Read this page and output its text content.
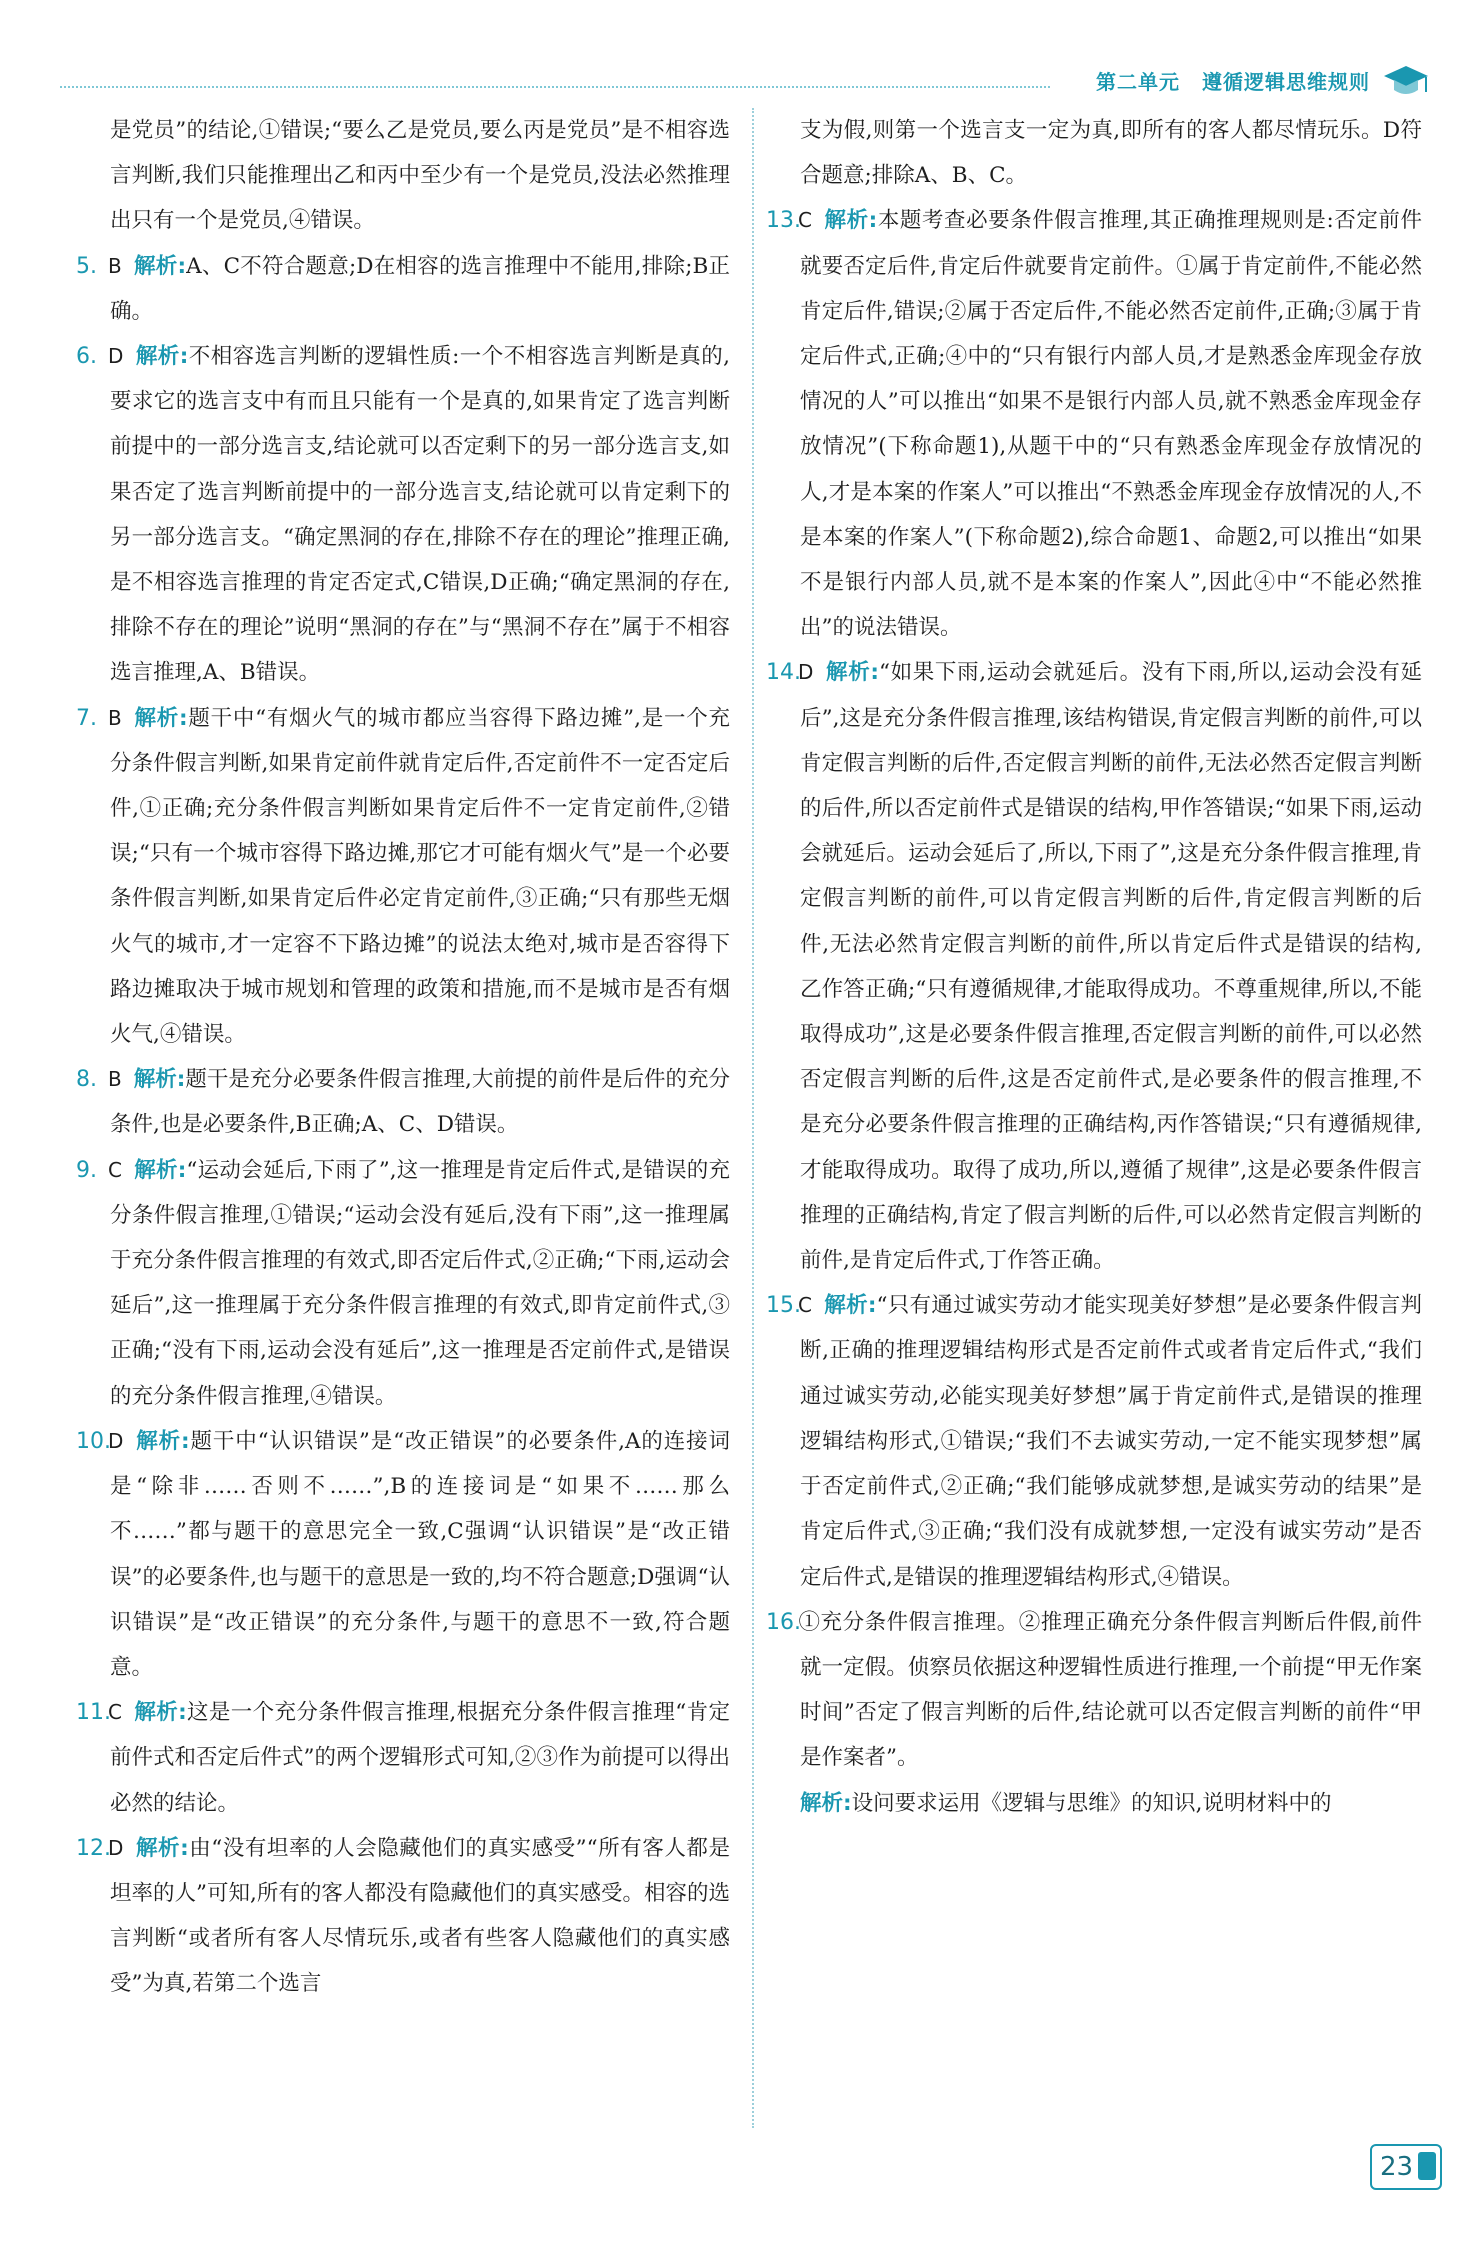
第二单元 遵循逻辑思维规则

是党员”的结论,①错误;“要么乙是党员,要么丙是党员”是不相容选言判断,我们只能推理出乙和丙中至少有一个是党员,没法必然推理出只有一个是党员,④错误。

5. B 解析:A、C不符合题意;D在相容的选言推理中不能用,排除;B正确。

6. D 解析:不相容选言判断的逻辑性质:一个不相容选言判断是真的,要求它的选言支中有而且只能有一个是真的,如果肯定了选言判断前提中的一部分选言支,结论就可以否定剩下的另一部分选言支,如果否定了选言判断前提中的一部分选言支,结论就可以肯定剩下的另一部分选言支。“确定黑洞的存在,排除不存在的理论”推理正确,是不相容选言推理的肯定否定式,C错误,D正确;“确定黑洞的存在,排除不存在的理论”说明“黑洞的存在”与“黑洞不存在”属于不相容选言推理,A、B错误。

7. B 解析:题干中“有烟火气的城市都应当容得下路边摊”,是一个充分条件假言判断,如果肯定前件就肯定后件,否定前件不一定否定后件,①正确;充分条件假言判断如果肯定后件不一定肯定前件,②错误;“只有一个城市容得下路边摊,那它才可能有烟火气”是一个必要条件假言判断,如果肯定后件必定肯定前件,③正确;“只有那些无烟火气的城市,才一定容不下路边摊”的说法太绝对,城市是否容得下路边摊取决于城市规划和管理的政策和措施,而不是城市是否有烟火气,④错误。

8. B 解析:题干是充分必要条件假言推理,大前提的前件是后件的充分条件,也是必要条件,B正确;A、C、D错误。

9. C 解析:“运动会延后,下雨了”,这一推理是肯定后件式,是错误的充分条件假言推理,①错误;“运动会没有延后,没有下雨”,这一推理属于充分条件假言推理的有效式,即否定后件式,②正确;“下雨,运动会延后”,这一推理属于充分条件假言推理的有效式,即肯定前件式,③正确;“没有下雨,运动会没有延后”,这一推理是否定前件式,是错误的充分条件假言推理,④错误。

10.D 解析:题干中“认识错误”是“改正错误”的必要条件,A的连接词是“除非……否则不……”,B的连接词是“如果不……那么不……”都与题干的意思完全一致,C强调“认识错误”是“改正错误”的必要条件,也与题干的意思是一致的,均不符合题意;D强调“认识错误”是“改正错误”的充分条件,与题干的意思不一致,符合题意。

11.C 解析:这是一个充分条件假言推理,根据充分条件假言推理“肯定前件式和否定后件式”的两个逻辑形式可知,②③作为前提可以得出必然的结论。

12.D 解析:由“没有坦率的人会隐藏他们的真实感受”“所有客人都是坦率的人”可知,所有的客人都没有隐藏他们的真实感受。相容的选言判断“或者所有客人尽情玩乐,或者有些客人隐藏他们的真实感受”为真,若第二个选言

支为假,则第一个选言支一定为真,即所有的客人都尽情玩乐。D符合题意;排除A、B、C。

13.C 解析:本题考查必要条件假言推理,其正确推理规则是:否定前件就要否定后件,肯定后件就要肯定前件。①属于肯定前件,不能必然肯定后件,错误;②属于否定后件,不能必然否定前件,正确;③属于肯定后件式,正确;④中的“只有银行内部人员,才是熟悉金库现金存放情况的人”可以推出“如果不是银行内部人员,就不熟悉金库现金存放情况”(下称命题1),从题干中的“只有熟悉金库现金存放情况的人,才是本案的作案人”可以推出“不熟悉金库现金存放情况的人,不是本案的作案人”(下称命题2),综合命题1、命题2,可以推出“如果不是银行内部人员,就不是本案的作案人”,因此④中“不能必然推出”的说法错误。

14.D 解析:“如果下雨,运动会就延后。没有下雨,所以,运动会没有延后”,这是充分条件假言推理,该结构错误,肯定假言判断的前件,可以肯定假言判断的后件,否定假言判断的前件,无法必然否定假言判断的后件,所以否定前件式是错误的结构,甲作答错误;“如果下雨,运动会就延后。运动会延后了,所以,下雨了”,这是充分条件假言推理,肯定假言判断的前件,可以肯定假言判断的后件,肯定假言判断的后件,无法必然肯定假言判断的前件,所以肯定后件式是错误的结构,乙作答正确;“只有遵循规律,才能取得成功。不尊重规律,所以,不能取得成功”,这是必要条件假言推理,否定假言判断的前件,可以必然否定假言判断的后件,这是否定前件式,是必要条件的假言推理,不是充分必要条件假言推理的正确结构,丙作答错误;“只有遵循规律,才能取得成功。取得了成功,所以,遵循了规律”,这是必要条件假言推理的正确结构,肯定了假言判断的后件,可以必然肯定假言判断的前件,是肯定后件式,丁作答正确。

15.C 解析:“只有通过诚实劳动才能实现美好梦想”是必要条件假言判断,正确的推理逻辑结构形式是否定前件式或者肯定后件式,“我们通过诚实劳动,必能实现美好梦想”属于肯定前件式,是错误的推理逻辑结构形式,①错误;“我们不去诚实劳动,一定不能实现梦想”属于否定前件式,②正确;“我们能够成就梦想,是诚实劳动的结果”是肯定后件式,③正确;“我们没有成就梦想,一定没有诚实劳动”是否定后件式,是错误的推理逻辑结构形式,④错误。

16.①充分条件假言推理。②推理正确充分条件假言判断后件假,前件就一定假。侦察员依据这种逻辑性质进行推理,一个前提“甲无作案时间”否定了假言判断的后件,结论就可以否定假言判断的前件“甲是作案者”。

解析:设问要求运用《逻辑与思维》的知识,说明材料中的

23
